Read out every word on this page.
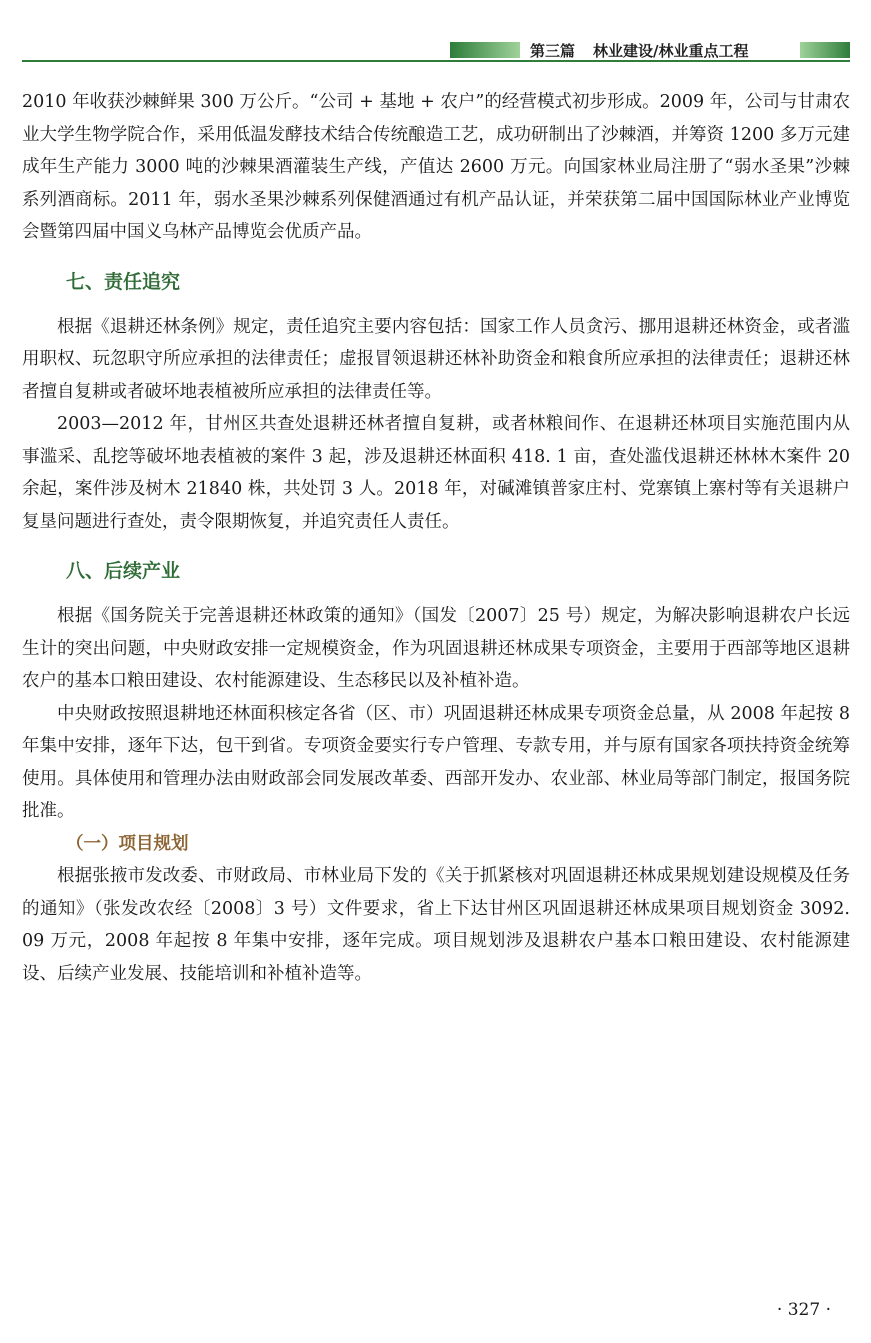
第三篇 林业建设/林业重点工程

2010 年收获沙棘鲜果 300 万公斤。“公司 + 基地 + 农户”的经营模式初步形成。2009 年，公司与甘肃农业大学生物学院合作，采用低温发酵技术结合传统酿造工艺，成功研制出了沙棘酒，并筹资 1200 多万元建成年生产能力 3000 吨的沙棘果酒灌装生产线，产值达 2600 万元。向国家林业局注册了“弱水圣果”沙棘系列酒商标。2011 年，弱水圣果沙棘系列保健酒通过有机产品认证，并荣获第二届中国国际林业产业博览会暨第四届中国义乌林产品博览会优质产品。

七、责任追究

根据《退耕还林条例》规定，责任追究主要内容包括：国家工作人员贪污、挪用退耕还林资金，或者滥用职权、玩忽职守所应承担的法律责任；虚报冒领退耕还林补助资金和粮食所应承担的法律责任；退耕还林者擅自复耕或者破坏地表植被所应承担的法律责任等。

2003—2012 年，甘州区共查处退耕还林者擅自复耕，或者林粮间作、在退耕还林项目实施范围内从事滥采、乱挖等破坏地表植被的案件 3 起，涉及退耕还林面积 418. 1 亩，查处滥伐退耕还林林木案件 20 余起，案件涉及树木 21840 株，共处罚 3 人。2018 年，对碱滩镇普家庄村、党寨镇上寨村等有关退耕户复垦问题进行查处，责令限期恢复，并追究责任人责任。

八、后续产业

根据《国务院关于完善退耕还林政策的通知》（国发〔2007〕25 号）规定，为解决影响退耕农户长远生计的突出问题，中央财政安排一定规模资金，作为巩固退耕还林成果专项资金，主要用于西部等地区退耕农户的基本口粮田建设、农村能源建设、生态移民以及补植补造。

中央财政按照退耕地还林面积核定各省（区、市）巩固退耕还林成果专项资金总量，从 2008 年起按 8 年集中安排，逐年下达，包干到省。专项资金要实行专户管理、专款专用，并与原有国家各项扶持资金统筹使用。具体使用和管理办法由财政部会同发展改革委、西部开发办、农业部、林业局等部门制定，报国务院批准。

（一）项目规划

根据张掖市发改委、市财政局、市林业局下发的《关于抓紧核对巩固退耕还林成果规划建设规模及任务的通知》（张发改农经〔2008〕3 号）文件要求，省上下达甘州区巩固退耕还林成果项目规划资金 3092. 09 万元，2008 年起按 8 年集中安排，逐年完成。项目规划涉及退耕农户基本口粮田建设、农村能源建设、后续产业发展、技能培训和补植补造等。

· 327 ·
